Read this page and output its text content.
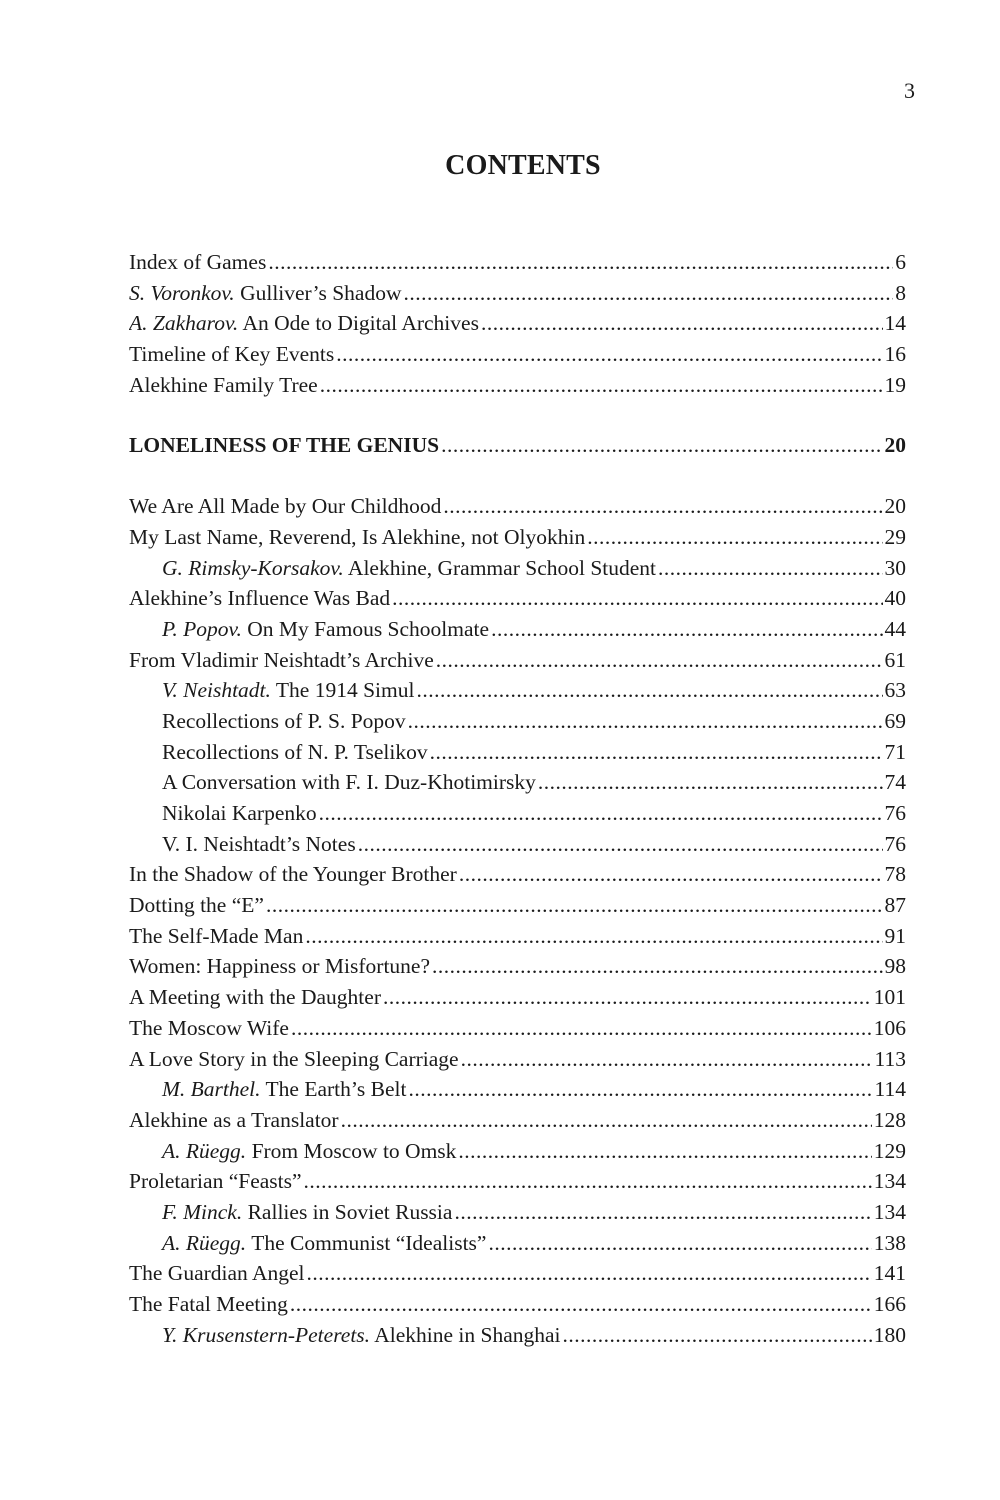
3
CONTENTS
Index of Games .....	6
S. Voronkov. Gulliver’s Shadow .....	8
A. Zakharov. An Ode to Digital Archives .....	14
Timeline of Key Events .....	16
Alekhine Family Tree .....	19
LONELINESS OF THE GENIUS .....	20
We Are All Made by Our Childhood .....	20
My Last Name, Reverend, Is Alekhine, not Olyokhin .....	29
G. Rimsky-Korsakov. Alekhine, Grammar School Student .....	30
Alekhine’s Influence Was Bad .....	40
P. Popov. On My Famous Schoolmate .....	44
From Vladimir Neishtadt’s Archive .....	61
V. Neishtadt. The 1914 Simul .....	63
Recollections of P. S. Popov .....	69
Recollections of N. P. Tselikov .....	71
A Conversation with F. I. Duz-Khotimirsky .....	74
Nikolai Karpenko .....	76
V. I. Neishtadt’s Notes .....	76
In the Shadow of the Younger Brother .....	78
Dotting the “E” .....	87
The Self-Made Man .....	91
Women: Happiness or Misfortune? .....	98
A Meeting with the Daughter .....	101
The Moscow Wife .....	106
A Love Story in the Sleeping Carriage .....	113
M. Barthel. The Earth’s Belt .....	114
Alekhine as a Translator .....	128
A. Rüegg. From Moscow to Omsk .....	129
Proletarian “Feasts” .....	134
F. Minck. Rallies in Soviet Russia .....	134
A. Rüegg. The Communist “Idealists” .....	138
The Guardian Angel .....	141
The Fatal Meeting .....	166
Y. Krusenstern-Peterets. Alekhine in Shanghai .....	180
